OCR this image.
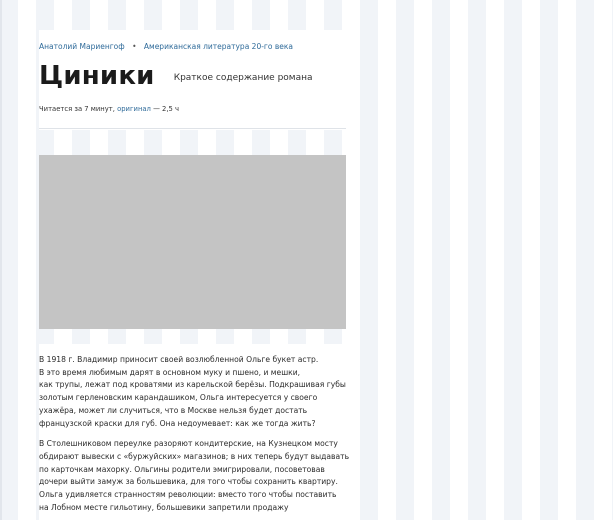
Анатолий Мариенгоф • Американская литература 20-го века
Циники $^{Краткое содержание романа}$
Читается за 7 минут, оригинал — 2,5 ч

В 1918 г. Владимир приносит своей возлюбленной Ольге букет астр.
В это время любимым дарят в основном муку и пшено, и мешки,
как трупы, лежат под кроватями из карельской берёзы. Подкрашивая губы
золотым герленовским карандашиком, Ольга интересуется у своего
ухажёра, может ли случиться, что в Москве нельзя будет достать
французской краски для губ. Она недоумевает: как же тогда жить?

В Столешниковом переулке разоряют кондитерские, на Кузнецком мосту
обдирают вывески с «буржуйских» магазинов; в них теперь будут выдавать
по карточкам махорку. Ольгины родители эмигрировали, посоветовав
дочери выйти замуж за большевика, для того чтобы сохранить квартиру.
Ольга удивляется странностям революции: вместо того чтобы поставить
на Лобном месте гильотину, большевики запретили продажу
